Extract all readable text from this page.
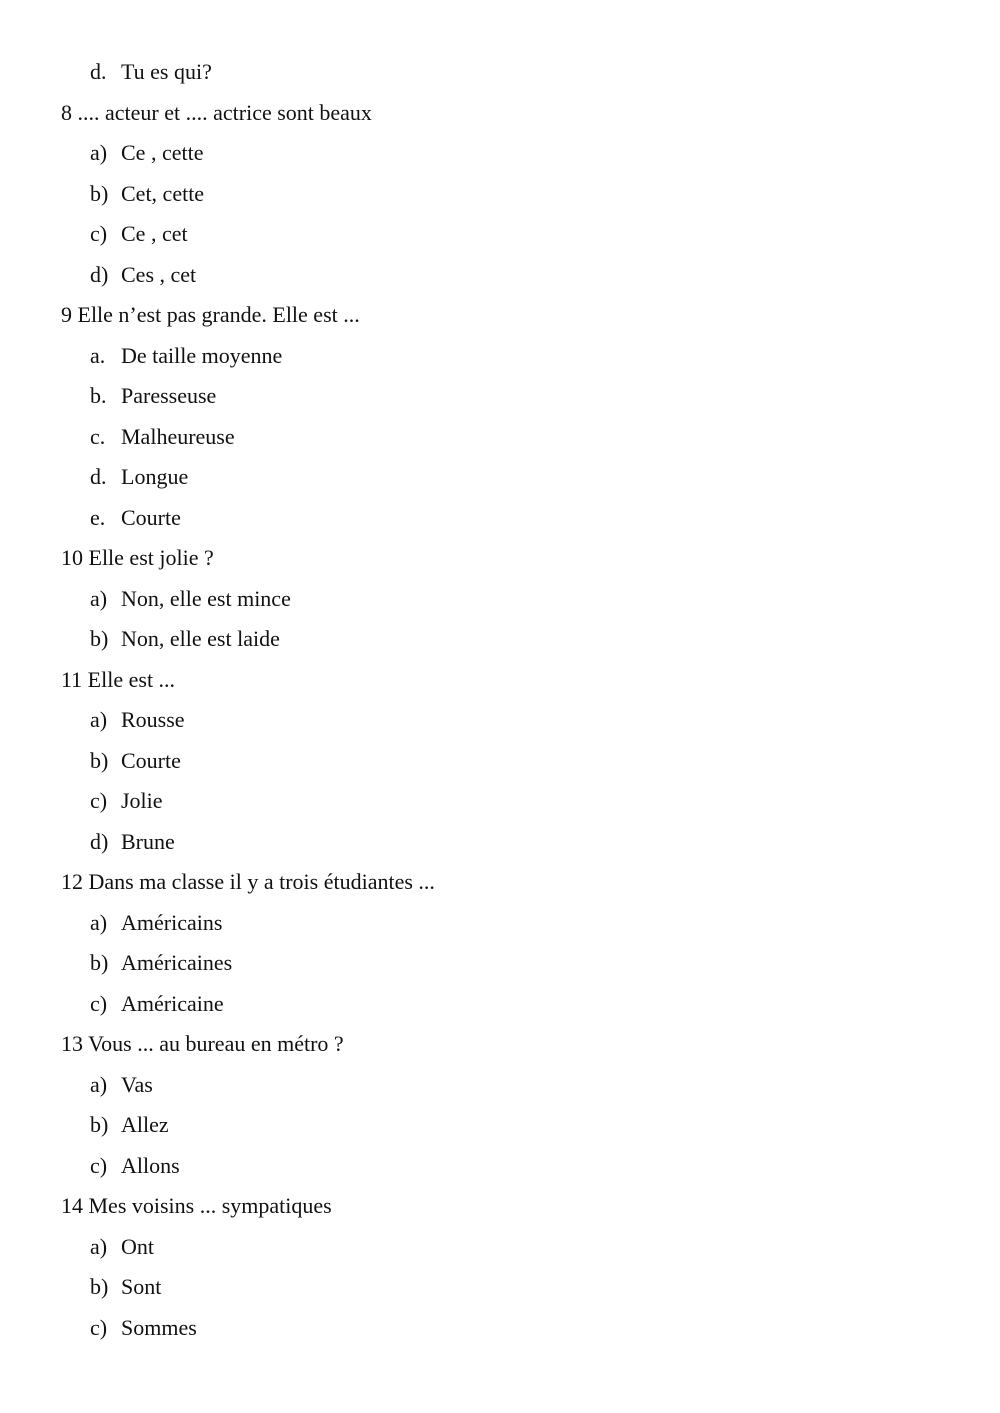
d. Tu es qui?
8 .... acteur et .... actrice sont beaux
a) Ce , cette
b) Cet, cette
c) Ce , cet
d) Ces , cet
9 Elle n’est pas grande. Elle est ...
a. De taille moyenne
b. Paresseuse
c. Malheureuse
d. Longue
e. Courte
10 Elle est jolie ?
a) Non, elle est mince
b) Non, elle est laide
11 Elle est ...
a) Rousse
b) Courte
c) Jolie
d) Brune
12 Dans ma classe il y a trois étudiantes ...
a) Américains
b) Américaines
c) Américaine
13 Vous ... au bureau en métro ?
a) Vas
b) Allez
c) Allons
14 Mes voisins ... sympatiques
a) Ont
b) Sont
c) Sommes
